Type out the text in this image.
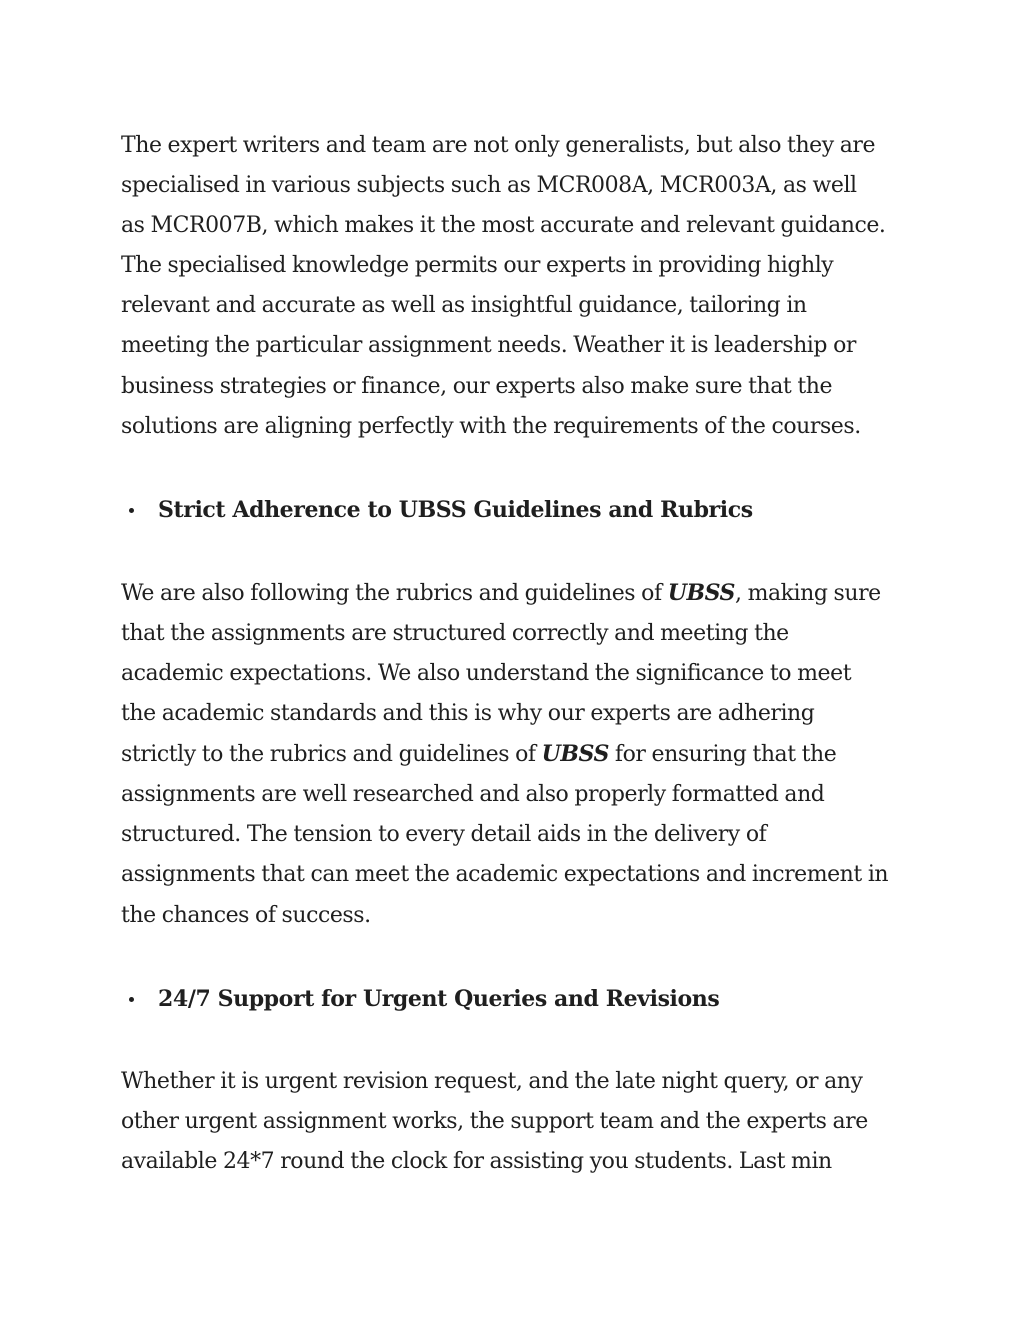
The expert writers and team are not only generalists, but also they are
specialised in various subjects such as MCR008A, MCR003A, as well
as MCR007B, which makes it the most accurate and relevant guidance.
The specialised knowledge permits our experts in providing highly
relevant and accurate as well as insightful guidance, tailoring in
meeting the particular assignment needs. Weather it is leadership or
business strategies or finance, our experts also make sure that the
solutions are aligning perfectly with the requirements of the courses.

Strict Adherence to UBSS Guidelines and Rubrics

We are also following the rubrics and guidelines of UBSS, making sure
that the assignments are structured correctly and meeting the
academic expectations. We also understand the significance to meet
the academic standards and this is why our experts are adhering
strictly to the rubrics and guidelines of UBSS for ensuring that the
assignments are well researched and also properly formatted and
structured. The tension to every detail aids in the delivery of
assignments that can meet the academic expectations and increment in
the chances of success.

24/7 Support for Urgent Queries and Revisions

Whether it is urgent revision request, and the late night query, or any
other urgent assignment works, the support team and the experts are
available 24*7 round the clock for assisting you students. Last min
